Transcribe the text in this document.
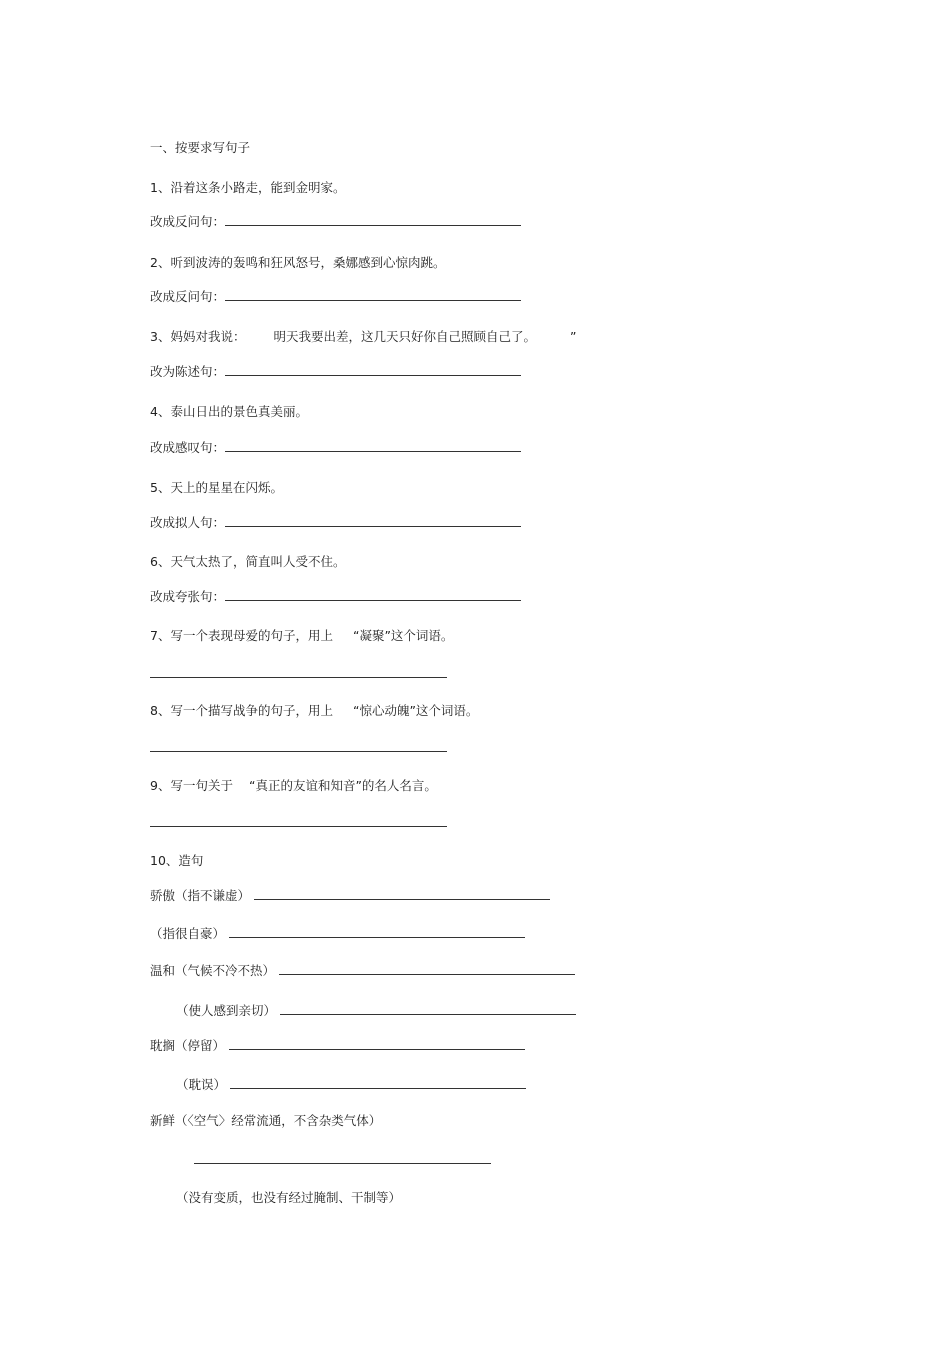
一、按要求写句子
1、沿着这条小路走，能到金明家。
改成反问句：
2、听到波涛的轰鸣和狂风怒号，桑娜感到心惊肉跳。
改成反问句：
3、妈妈对我说： 明天我要出差，这几天只好你自己照顾自己了。	”
改为陈述句：
4、泰山日出的景色真美丽。
改成感叹句：
5、天上的星星在闪烁。
改成拟人句：
6、天气太热了，简直叫人受不住。
改成夸张句：
7、写一个表现母爱的句子，用上 “凝聚”这个词语。
8、写一个描写战争的句子，用上 “惊心动魄”这个词语。
9、写一句关于 “真正的友谊和知音”的名人名言。
10、造句
骄傲（指不谦虚）
（指很自豪）
温和（气候不冷不热）
（使人感到亲切）
耽搁（停留）
（耽误）
新鲜（〈空气〉经常流通，不含杂类气体）
（没有变质，也没有经过腌制、干制等）
